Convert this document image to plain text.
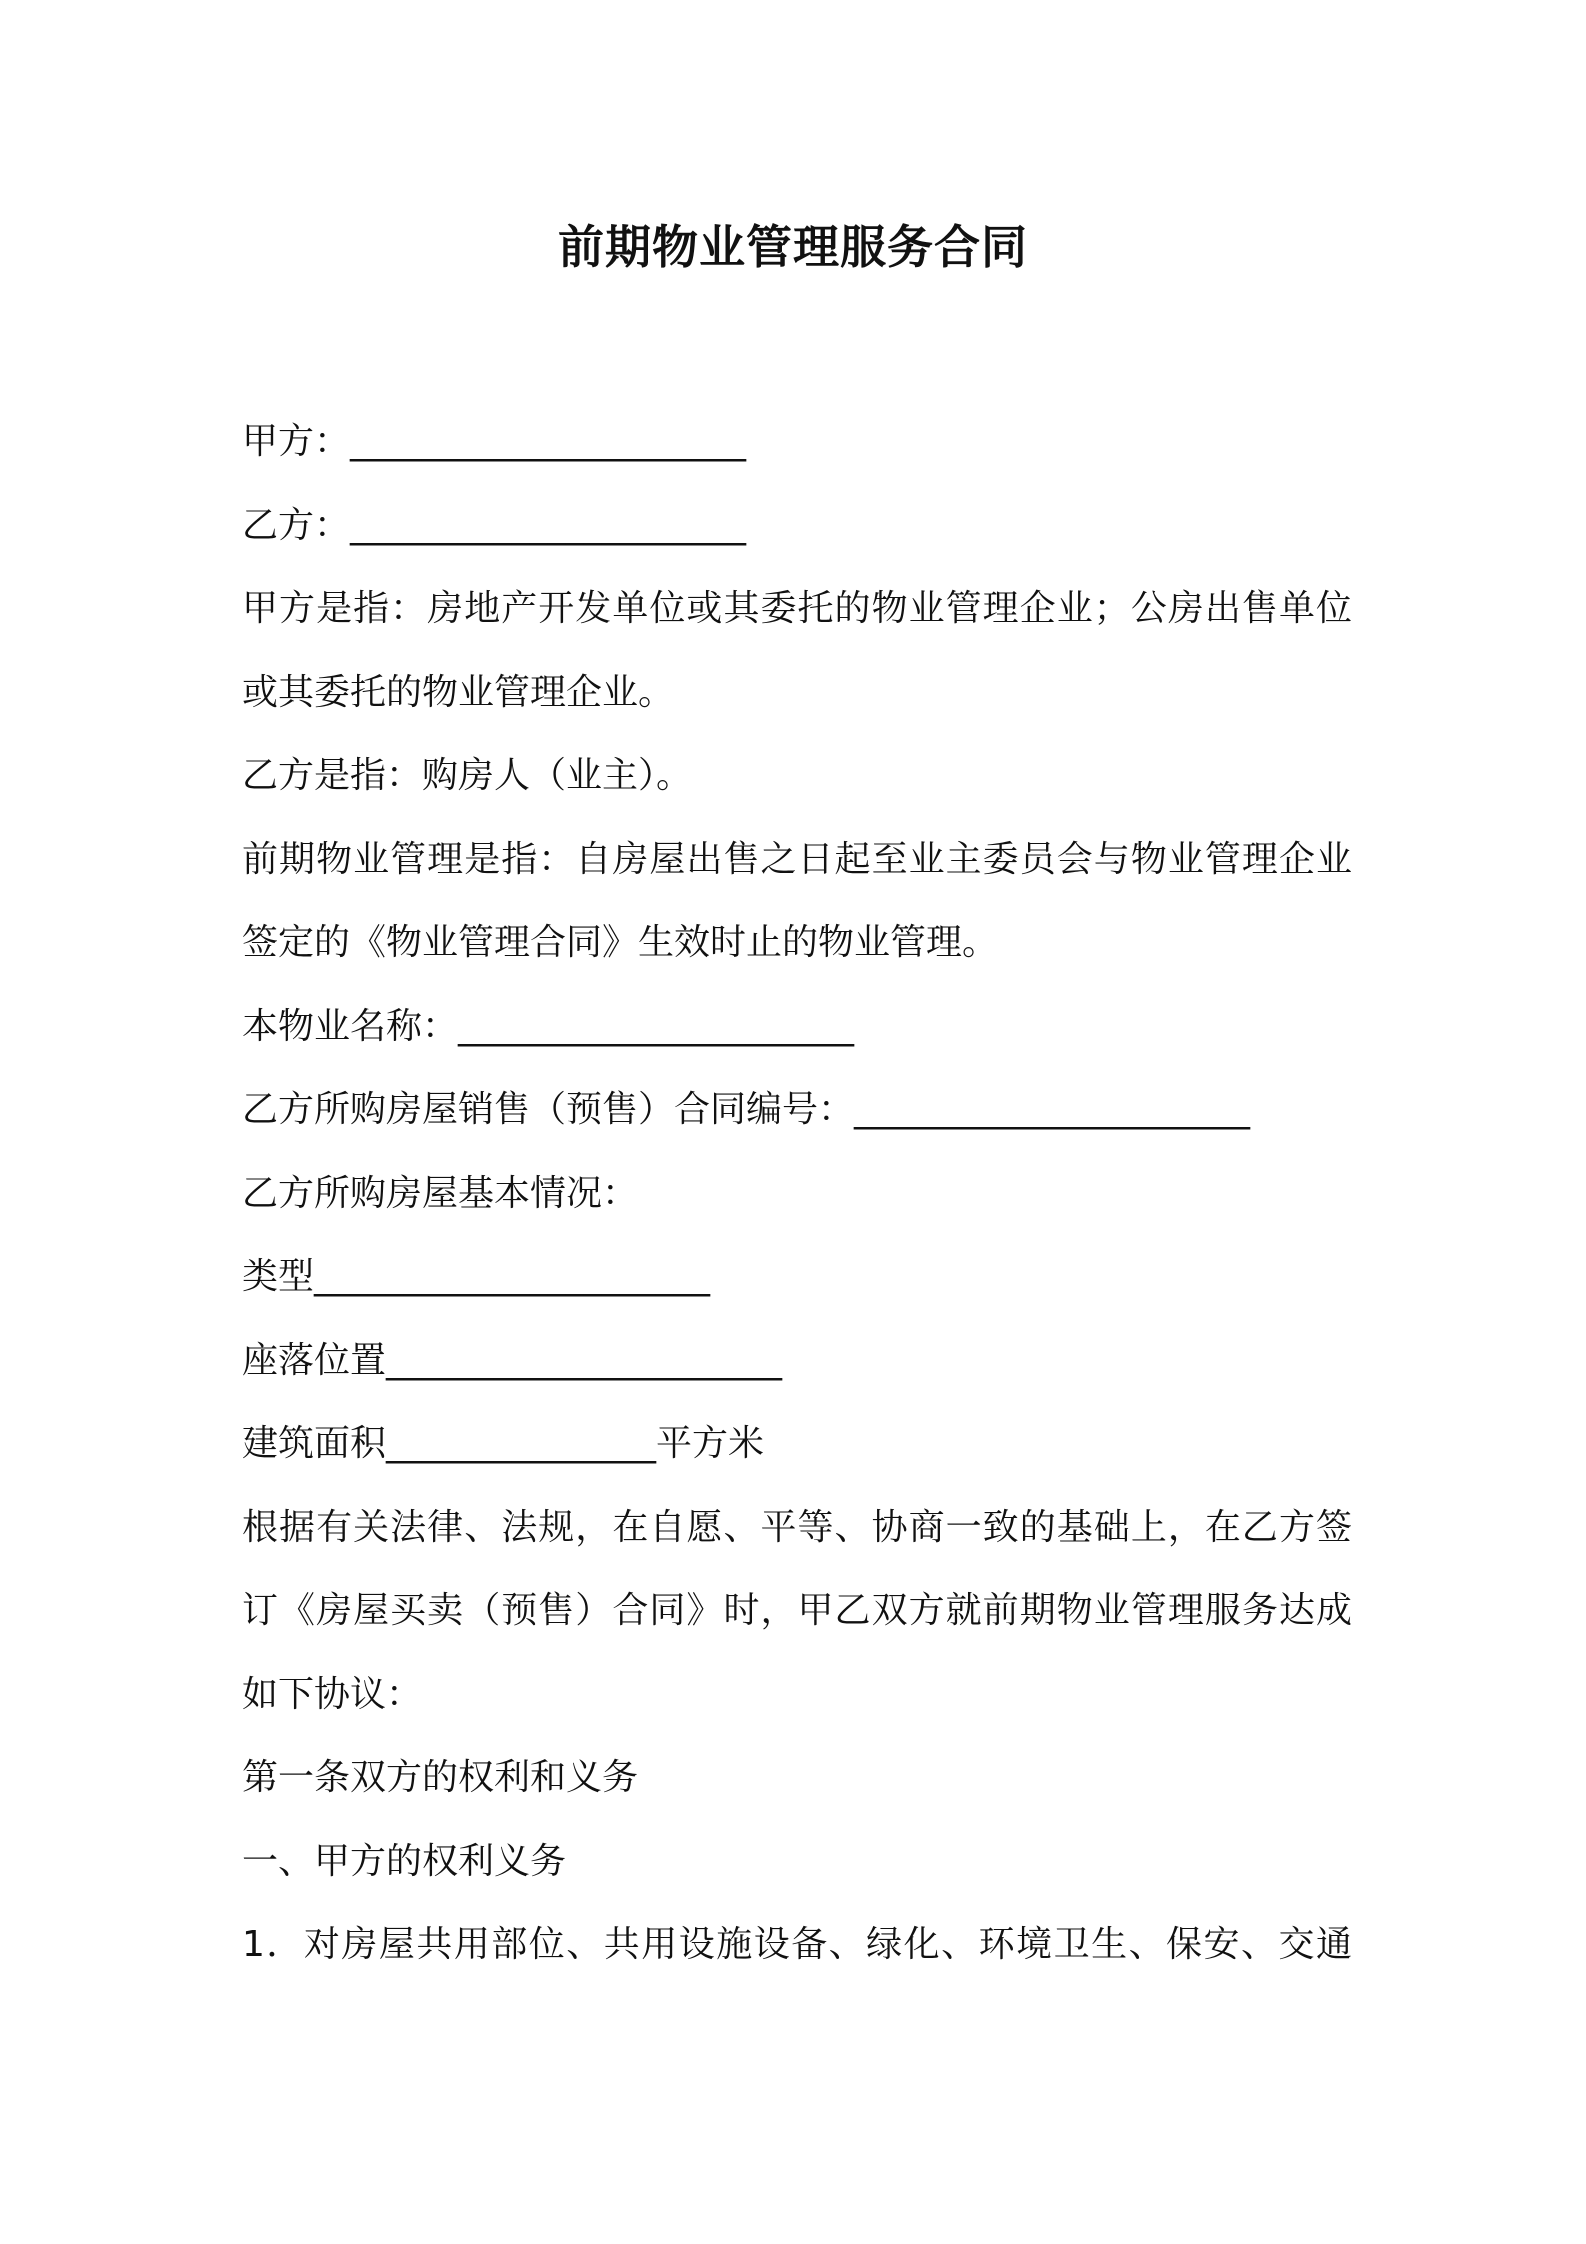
前期物业管理服务合同
甲方：______________________
乙方：______________________
甲方是指：房地产开发单位或其委托的物业管理企业；公房出售单位
或其委托的物业管理企业。
乙方是指：购房人（业主）。
前期物业管理是指：自房屋出售之日起至业主委员会与物业管理企业
签定的《物业管理合同》生效时止的物业管理。
本物业名称：______________________
乙方所购房屋销售（预售）合同编号：______________________
乙方所购房屋基本情况：
类型______________________
座落位置______________________
建筑面积_______________平方米
根据有关法律、法规，在自愿、平等、协商一致的基础上，在乙方签
订《房屋买卖（预售）合同》时，甲乙双方就前期物业管理服务达成
如下协议：
第一条双方的权利和义务
一、甲方的权利义务
1．对房屋共用部位、共用设施设备、绿化、环境卫生、保安、交通
